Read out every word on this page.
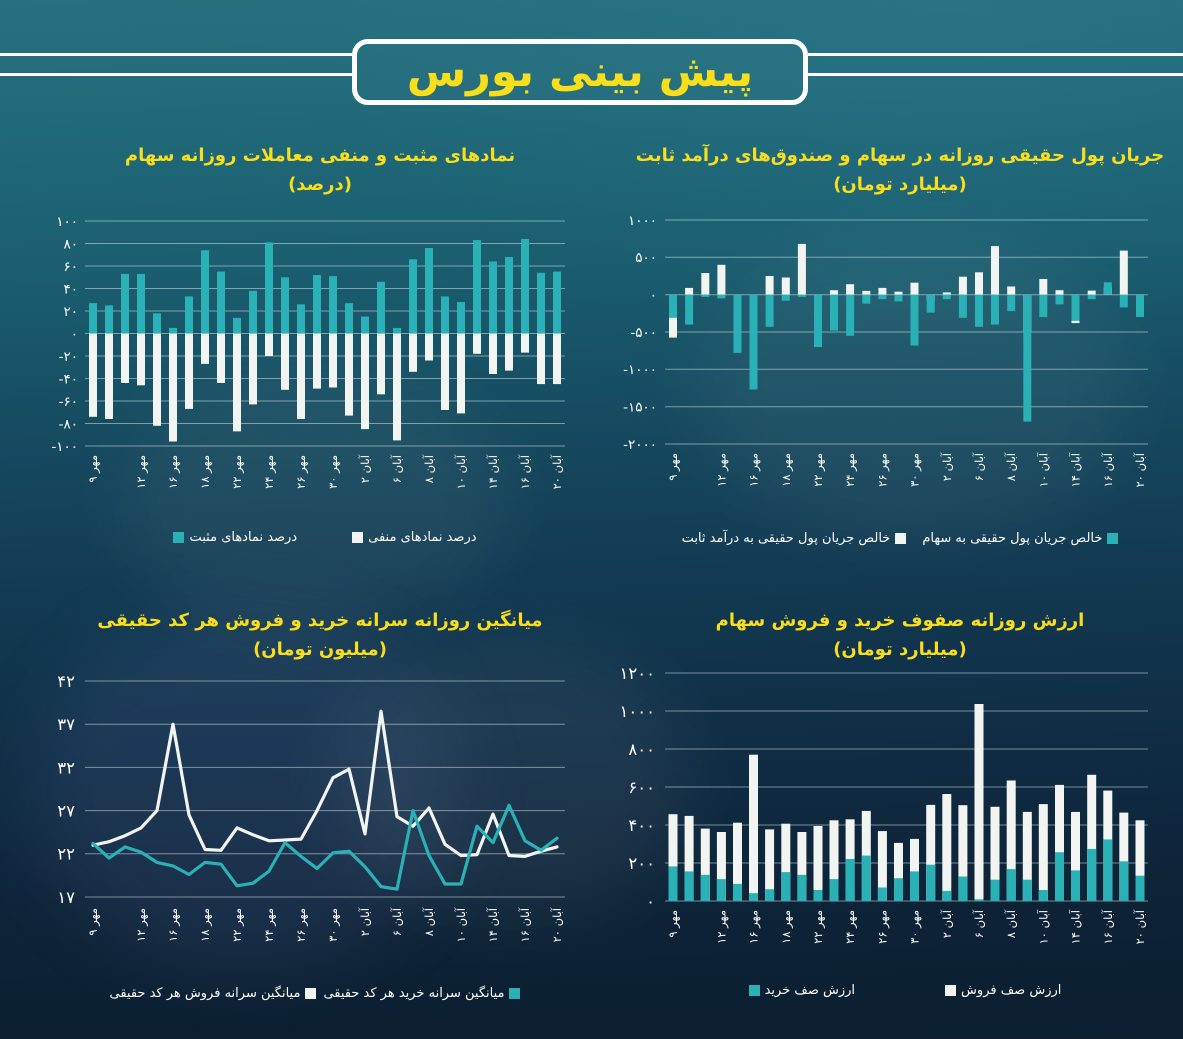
پیش بینی بورس
نمادهای مثبت و منفی معاملات روزانه سهام
(درصد)
جریان پول حقیقی روزانه در سهام و صندوق‌های درآمد ثابت
(میلیارد تومان)
میانگین روزانه سرانه خرید و فروش هر کد حقیقی
(میلیون تومان)
ارزش روزانه صفوف خرید و فروش سهام
(میلیارد تومان)
۱۰۰
۸۰
۶۰
۴۰
۲۰
۰
-۲۰
-۴۰
-۶۰
-۸۰
-۱۰۰
۹ مهر
۱۲ مهر
۱۶ مهر
۱۸ مهر
۲۲ مهر
۲۴ مهر
۲۶ مهر
۳۰ مهر
۲ آبان
۶ آبان
۸ آبان
۱۰ آبان
۱۴ آبان
۱۶ آبان
۲۰ آبان
۱۰۰۰
۵۰۰
۰
-۵۰۰
-۱۰۰۰
-۱۵۰۰
-۲۰۰۰
۹ مهر
۱۲ مهر
۱۶ مهر
۱۸ مهر
۲۲ مهر
۲۴ مهر
۲۶ مهر
۳۰ مهر
۲ آبان
۶ آبان
۸ آبان
۱۰ آبان
۱۴ آبان
۱۶ آبان
۲۰ آبان
۴۲
۳۷
۳۲
۲۷
۲۲
۱۷
۹ مهر
۱۲ مهر
۱۶ مهر
۱۸ مهر
۲۲ مهر
۲۴ مهر
۲۶ مهر
۳۰ مهر
۲ آبان
۶ آبان
۸ آبان
۱۰ آبان
۱۴ آبان
۱۶ آبان
۲۰ آبان
۱۲۰۰
۱۰۰۰
۸۰۰
۶۰۰
۴۰۰
۲۰۰
۰
۹ مهر
۱۲ مهر
۱۶ مهر
۱۸ مهر
۲۲ مهر
۲۴ مهر
۲۶ مهر
۳۰ مهر
۲ آبان
۶ آبان
۸ آبان
۱۰ آبان
۱۴ آبان
۱۶ آبان
۲۰ آبان
درصد نمادهای مثبت	درصد نمادهای منفی	خالص جریان پول حقیقی به درآمد ثابت خالص جریان پول حقیقی به سهام
میانگین سرانه فروش هر کد حقیقی میانگین سرانه خرید هر کد حقیقی	ارزش صف خرید	ارزش صف فروش
